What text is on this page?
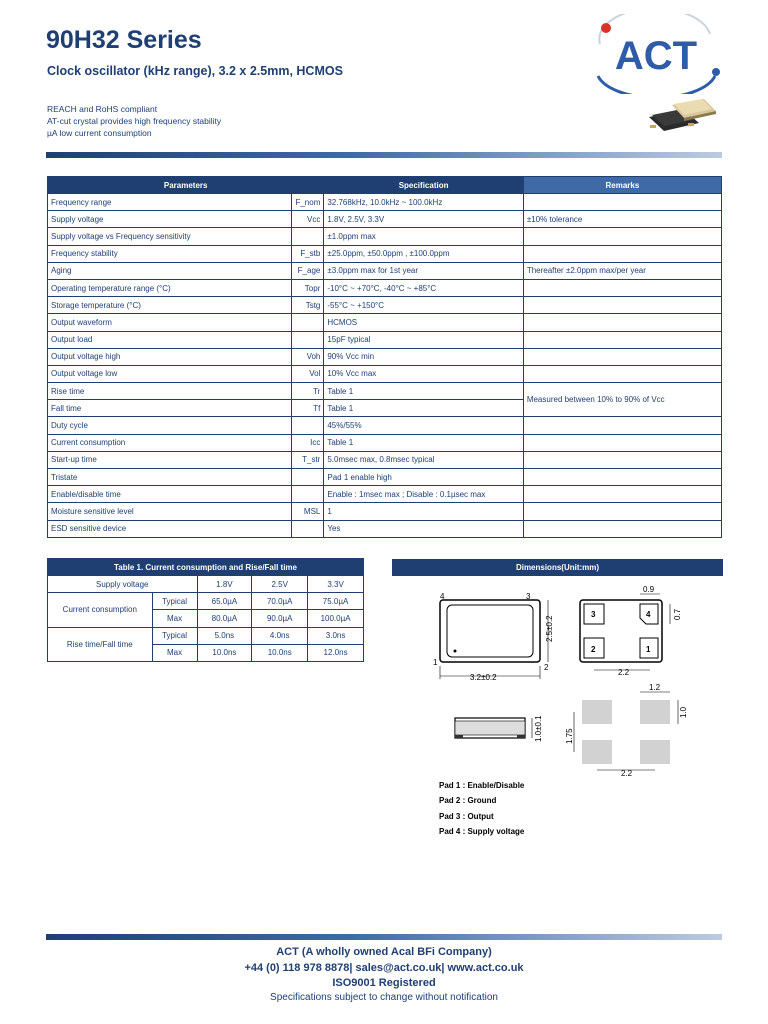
90H32 Series
Clock oscillator (kHz range), 3.2 x 2.5mm, HCMOS
REACH and RoHS compliant
AT-cut crystal provides high frequency stability
µA low current consumption
ACT
Parameters		Specification	Remarks
Frequency range	F_nom	32.768kHz, 10.0kHz ~ 100.0kHz	
Supply voltage	Vcc	1.8V, 2.5V, 3.3V	±10% tolerance
Supply voltage vs Frequency sensitivity		±1.0ppm max	
Frequency stability	F_stb	±25.0ppm, ±50.0ppm , ±100.0ppm	
Aging	F_age	±3.0ppm max for 1st year	Thereafter ±2.0ppm max/per year
Operating temperature range (°C)	Topr	-10°C ~ +70°C, -40°C ~ +85°C	
Storage temperature (°C)	Tstg	-55°C ~ +150°C	
Output waveform		HCMOS	
Output load		15pF typical	
Output voltage high	Voh	90% Vcc min	
Output voltage low	Vol	10% Vcc max	
Rise time	Tr	Table 1	Measured between 10% to 90% of Vcc
Fall time	Tf	Table 1	
Duty cycle		45%/55%	
Current consumption	Icc	Table 1	
Start-up time	T_str	5.0msec max, 0.8msec typical	
Tristate		Pad 1 enable high	
Enable/disable time		Enable : 1msec max ; Disable : 0.1µsec max	
Moisture sensitive level	MSL	1	
ESD sensitive device		Yes	
Table 1. Current consumption and Rise/Fall time				
Supply voltage		1.8V	2.5V	3.3V
Current consumption	Typical	65.0µA	70.0µA	75.0µA
	Max	80.0µA	90.0µA	100.0µA
Rise time/Fall time	Typical	5.0ns	4.0ns	3.0ns
	Max	10.0ns	10.0ns	12.0ns
Dimensions(Unit:mm)
4	3
1
2
3.2±0.2
2.5±0.2
3	4
2	1
0.9
0.7
2.2
1.0±0.1
1.2
1.0
1.75
2.2
Pad 1 : Enable/Disable
Pad 2 : Ground
Pad 3 : Output
Pad 4 : Supply voltage
ACT (A wholly owned Acal BFi Company)
+44 (0) 118 978 8878| sales@act.co.uk| www.act.co.uk
ISO9001 Registered
Specifications subject to change without notification
